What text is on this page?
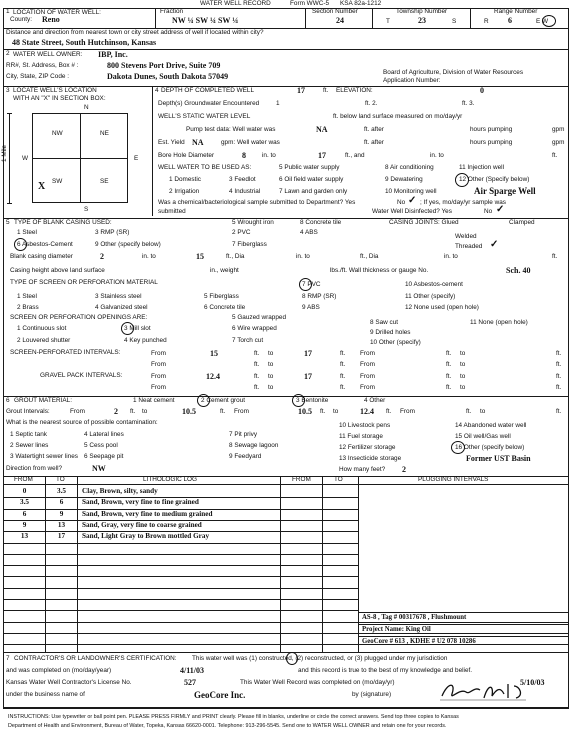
WATER WELL RECORD	Form WWC-5 KSA 82a-1212
1 LOCATION OF WATER WELL:
County: Reno
Fraction
NW ¼ SW ¼ SW ¼
Section Number
24
Township Number
T	23	S
Range Number
R 6	E W
Distance and direction from nearest town or city street address of well if located within city?
48 State Street, South Hutchinson, Kansas
2 WATER WELL OWNER: IBP, Inc.
RR#, St. Address, Box # :	800 Stevens Port Drive, Suite 709
City, State, ZIP Code :	Dakota Dunes, South Dakota 57049	Board of Agriculture, Division of Water Resources
Application Number:
3 LOCATE WELL'S LOCATION
WITH AN "X" IN SECTION BOX:
N
S
W	E
1 Mile
NW	NE
SW	SE
X
4 DEPTH OF COMPLETED WELL	17	ft. ELEVATION:	0
Depth(s) Groundwater Encountered	1	ft. 2.	ft. 3.
WELL'S STATIC WATER LEVEL	ft. below land surface measured on mo/day/yr
Pump test data: Well water was	NA	ft. after	hours pumping	gpm
Est. Yield NA	gpm: Well water was	ft. after	hours pumping	gpm
Bore Hole Diameter	8	in. to	17	ft., and	in. to	ft.
WELL WATER TO BE USED AS:	5 Public water supply	8 Air conditioning	11 Injection well
1 Domestic	3 Feedlot	6 Oil field water supply	9 Dewatering	12 Other (Specify below)
2 Irrigation	4 Industrial	7 Lawn and garden only	10 Monitoring well	Air Sparge Well
Was a chemical/bacteriological sample submitted to Department? Yes	No ✓ ; If yes, mo/day/yr sample was
submitted	Water Well Disinfected? Yes	No ✓
5 TYPE OF BLANK CASING USED:	5 Wrought iron	8 Concrete tile	CASING JOINTS: Glued	Clamped
1 Steel	3 RMP (SR)	2 PVC	4 ABS
6 Asbestos-Cement	9 Other (specify below)	7 Fiberglass
Welded
Threaded ✓
Blank casing diameter	2	in. to	15	ft., Dia	in. to	ft., Dia	in. to	ft.
Casing height above land surface	in., weight	lbs./ft. Wall thickness or gauge No.	Sch. 40
TYPE OF SCREEN OR PERFORATION MATERIAL	7 PVC	10 Asbestos-cement
1 Steel	3 Stainless steel	5 Fiberglass	8 RMP (SR)	11 Other (specify)
2 Brass	4 Galvanized steel	6 Concrete tile	9 ABS	12 None used (open hole)
SCREEN OR PERFORATION OPENINGS ARE:	5 Gauzed wrapped
8 Saw cut	11 None (open hole)
1 Continuous slot	3 Mill slot	6 Wire wrapped
9 Drilled holes
2 Louvered shutter	4 Key punched	7 Torch cut	10 Other (specify)
SCREEN-PERFORATED INTERVALS:	From	15	ft. to	17	ft. From	ft. to	ft.
From	ft. to	ft. From	ft. to	ft.
GRAVEL PACK INTERVALS:	From	12.4	ft. to	17	ft. From	ft. to	ft.
From	ft. to	ft. From	ft. to	ft.
6 GROUT MATERIAL:	1 Neat cement	2 Cement grout	3 Bentonite	4 Other
Grout Intervals:	From	2 ft. to	10.5	ft. From	10.5 ft. to	12.4 ft. From	ft. to	ft.
What is the nearest source of possible contamination:
1 Septic tank	4 Lateral lines	7 Pit privy
10 Livestock pens	14 Abandoned water well
2 Sewer lines	5 Cess pool	8 Sewage lagoon
11 Fuel storage	15 Oil well/Gas well
3 Watertight sewer lines 6 Seepage pit	9 Feedyard
12 Fertilizer storage	16 Other (specify below)
13 Insecticide storage	Former UST Basin
Direction from well?	NW	How many feet? 2
FROM	TO	LITHOLOGIC LOG	FROM	TO	PLUGGING INTERVALS
0	3.5	Clay, Brown, silty, sandy
3.5	6	Sand, Brown, very fine to fine grained
6	9	Sand, Brown, very fine to medium grained
9	13	Sand, Gray, very fine to coarse grained
13	17	Sand, Light Gray to Brown mottled Gray
AS-8 , Tag # 00317678 , Flushmount
Project Name: King Oil
GeoCore # 613 , KDHE # U2 078 10286
7 CONTRACTOR'S OR LANDOWNER'S CERTIFICATION: This water well was (1) constructed, (2) reconstructed, or (3) plugged under my jurisdiction
and was completed on (mo/day/year)	4/11/03	and this record is true to the best of my knowledge and belief.
Kansas Water Well Contractor's License No.	527	This Water Well Record was completed on (mo/day/yr)	5/10/03
under the business name of	GeoCore Inc.	by (signature)
INSTRUCTIONS: Use typewriter or ball point pen. PLEASE PRESS FIRMLY and PRINT clearly. Please fill in blanks, underline or circle the correct answers. Send top three copies to Kansas
Department of Health and Environment, Bureau of Water, Topeka, Kansas 66620-0001. Telephone: 913-296-5545. Send one to WATER WELL OWNER and retain one for your records.
